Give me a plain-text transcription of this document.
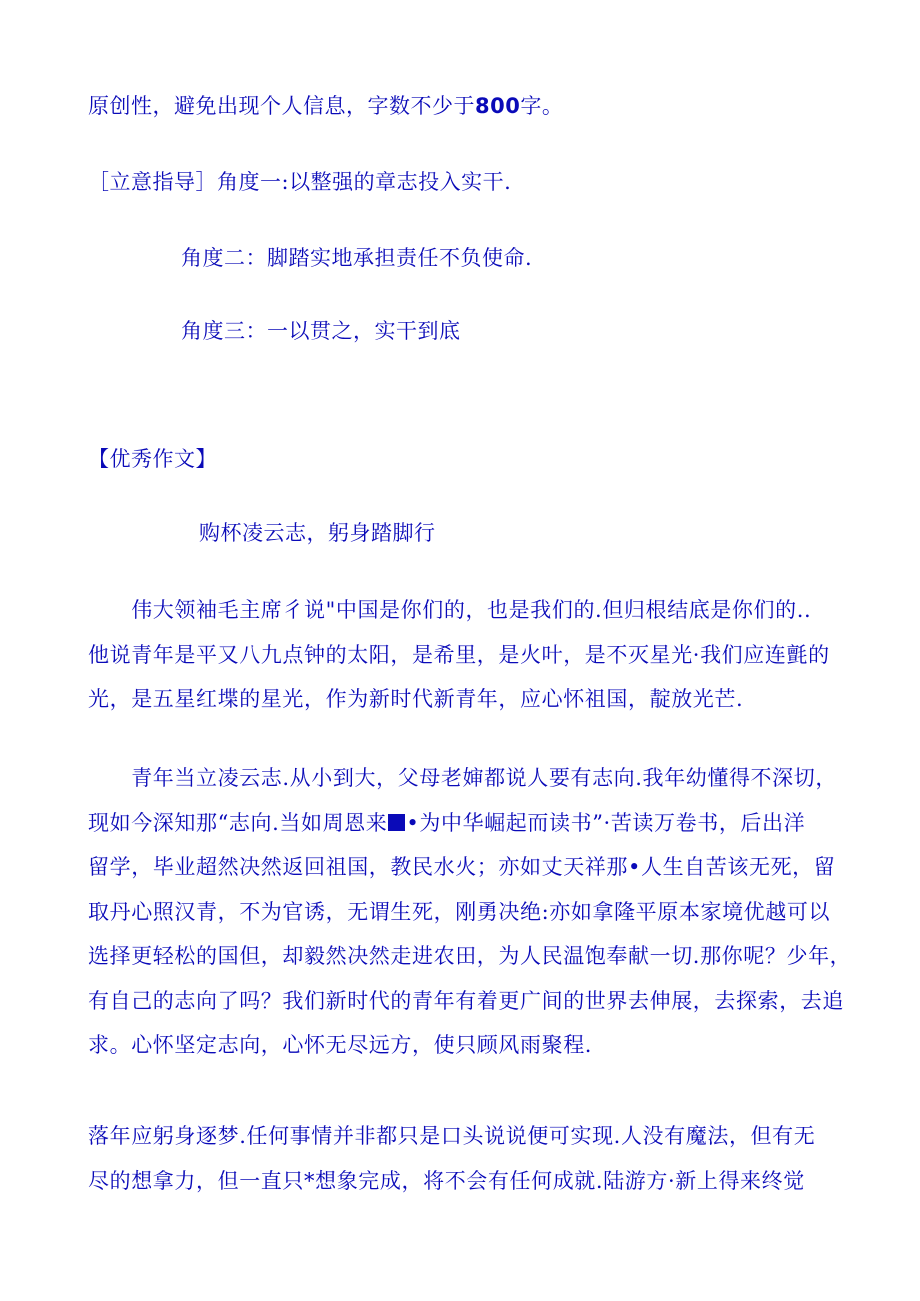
原创性，避免出现个人信息，字数不少于800字。
［立意指导］角度一:以整强的章志投入实干.
角度二：脚踏实地承担责任不负使命.
角度三：一以贯之，实干到底
【优秀作文】
购杯凌云志，躬身踏脚行

　　伟大领袖毛主席彳说"中国是你们的，也是我们的.但归根结底是你们的..

他说青年是平又八九点钟的太阳，是希里，是火叶，是不灭星光·我们应连氈的

光，是五星红堞的星光，作为新时代新青年，应心怀祖国，靛放光芒.

　　青年当立凌云志.从小到大，父母老婶都说人要有志向.我年幼懂得不深切，

现如今深知那“志向.当如周恩来 •为中华崛起而读书”·苦读万卷书，后出洋

留学，毕业超然决然返回祖国，教民水火；亦如丈天祥那•人生自苦该无死，留

取丹心照汉青，不为官诱，无谓生死，刚勇决绝:亦如拿隆平原本家境优越可以

选择更轻松的国但，却毅然决然走进农田，为人民温饱奉献一切.那你呢？少年，

有自己的志向了吗？我们新时代的青年有着更广间的世界去伸展，去探索，去追

求。心怀坚定志向，心怀无尽远方，使只顾风雨聚程.

落年应躬身逐梦.任何事情并非都只是口头说说便可实现.人没有魔法，但有无

尽的想拿力，但一直只*想象完成，将不会有任何成就.陆游方·新上得来终觉
